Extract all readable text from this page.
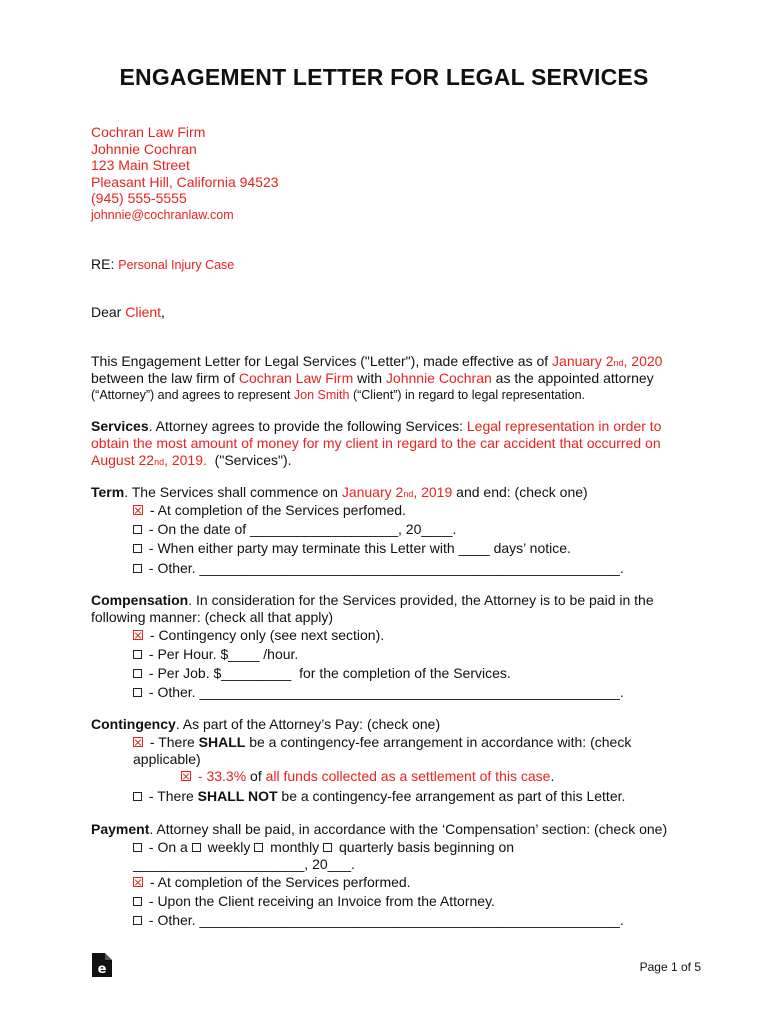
ENGAGEMENT LETTER FOR LEGAL SERVICES
Cochran Law Firm
Johnnie Cochran
123 Main Street
Pleasant Hill, California 94523
(945) 555-5555
johnnie@cochranlaw.com
RE: Personal Injury Case
Dear Client,
This Engagement Letter for Legal Services ("Letter"), made effective as of January 2nd, 2020
between the law firm of Cochran Law Firm with Johnnie Cochran as the appointed attorney
(“Attorney”) and agrees to represent Jon Smith (“Client”) in regard to legal representation.
Services. Attorney agrees to provide the following Services: Legal representation in order to
obtain the most amount of money for my client in regard to the car accident that occurred on
August 22nd, 2019.  ("Services").
Term. The Services shall commence on January 2nd, 2019 and end: (check one)
- At completion of the Services perfomed.
- On the date of ___________________, 20____.
- When either party may terminate this Letter with ____ days’ notice.
- Other. ______________________________________________________.
Compensation. In consideration for the Services provided, the Attorney is to be paid in the
following manner: (check all that apply)
- Contingency only (see next section).
- Per Hour. $____ /hour.
- Per Job. $_________  for the completion of the Services.
- Other. ______________________________________________________.
Contingency. As part of the Attorney’s Pay: (check one)
- There SHALL be a contingency-fee arrangement in accordance with: (check
applicable)
- 33.3% of all funds collected as a settlement of this case.
- There SHALL NOT be a contingency-fee arrangement as part of this Letter.
Payment. Attorney shall be paid, in accordance with the ‘Compensation’ section: (check one)
- On a  weekly  monthly  quarterly basis beginning on
______________________, 20___.
- At completion of the Services performed.
- Upon the Client receiving an Invoice from the Attorney.
- Other. ______________________________________________________.
e	Page 1 of 5
